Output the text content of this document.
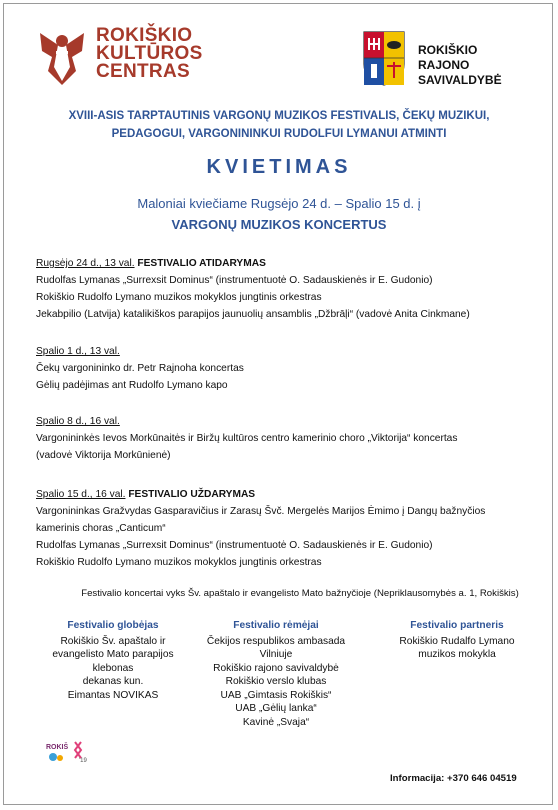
ROKIŠKIO
KULTŪROS
CENTRAS
ROKIŠKIO RAJONO
SAVIVALDYBĖ
XVIII-ASIS TARPTAUTINIS VARGONŲ MUZIKOS FESTIVALIS, ČEKŲ MUZIKUI,
PEDAGOGUI, VARGONININKUI RUDOLFUI LYMANUI ATMINTI
KVIETIMAS
Maloniai kviečiame Rugsėjo 24 d. – Spalio 15 d. į
VARGONŲ MUZIKOS KONCERTUS
Rugsėjo 24 d., 13 val. FESTIVALIO ATIDARYMAS
Rudolfas Lymanas „Surrexsit Dominus“ (instrumentuotė O. Sadauskienės ir E. Gudonio)
Rokiškio Rudolfo Lymano muzikos mokyklos jungtinis orkestras
Jekabpilio (Latvija) katalikiškos parapijos jaunuolių ansamblis „Džbrāļi“ (vadovė Anita Cinkmane)
Spalio 1 d., 13 val.
Čekų vargonininko dr. Petr Rajnoha koncertas
Gėlių padėjimas ant Rudolfo Lymano kapo
Spalio 8 d., 16 val.
Vargonininkės Ievos Morkūnaitės ir Biržų kultūros centro kamerinio choro „Viktorija“ koncertas
(vadovė Viktorija Morkūnienė)
Spalio 15 d., 16 val. FESTIVALIO UŽDARYMAS
Vargonininkas Gražvydas Gasparavičius ir Zarasų Švč. Mergelės Marijos Ėmimo į Dangų bažnyčios
kamerinis choras „Canticum“
Rudolfas Lymanas „Surrexsit Dominus“ (instrumentuotė O. Sadauskienės ir E. Gudonio)
Rokiškio Rudolfo Lymano muzikos mokyklos jungtinis orkestras
Festivalio koncertai vyks Šv. apaštalo ir evangelisto Mato bažnyčioje (Nepriklausomybės a. 1, Rokiškis)
Festivalio globėjas
Rokiškio Šv. apaštalo ir
evangelisto Mato parapijos
klebonas
dekanas kun.
Eimantas NOVIKAS
Festivalio rėmėjai
Čekijos respublikos ambasada
Vilniuje
Rokiškio rajono savivaldybė
Rokiškio verslo klubas
UAB „Gimtasis Rokiškis“
UAB „Gėlių lanka“
Kavinė „Svaja“
Festivalio partneris
Rokiškio Rudalfo Lymano
muzikos mokykla
ROKIŠ
'19
Informacija: +370 646 04519
